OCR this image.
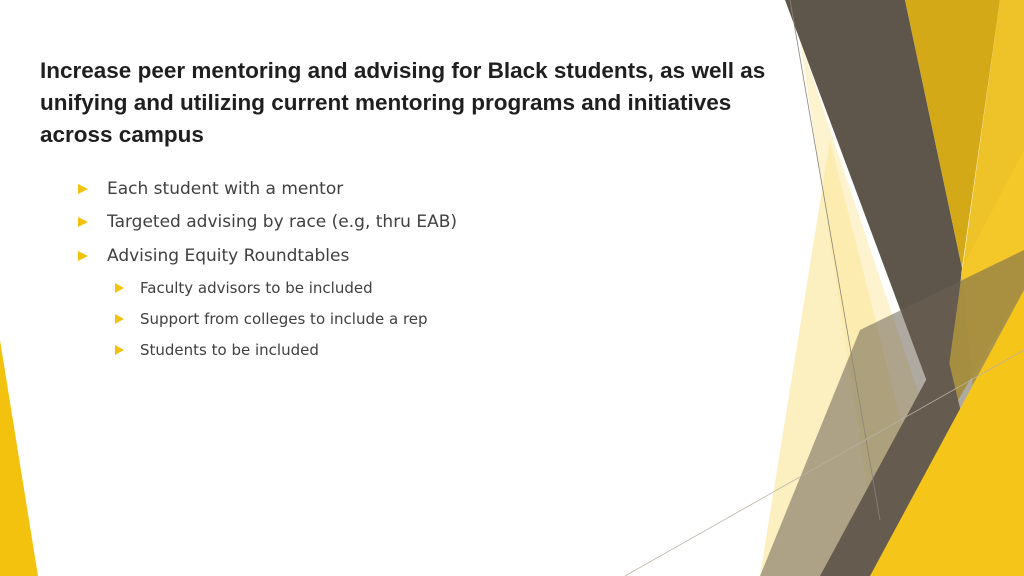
Increase peer mentoring and advising for Black students, as well as unifying and utilizing current mentoring programs and initiatives across campus
Each student with a mentor
Targeted advising by race (e.g, thru EAB)
Advising Equity Roundtables
Faculty advisors to be included
Support from colleges to include a rep
Students to be included
